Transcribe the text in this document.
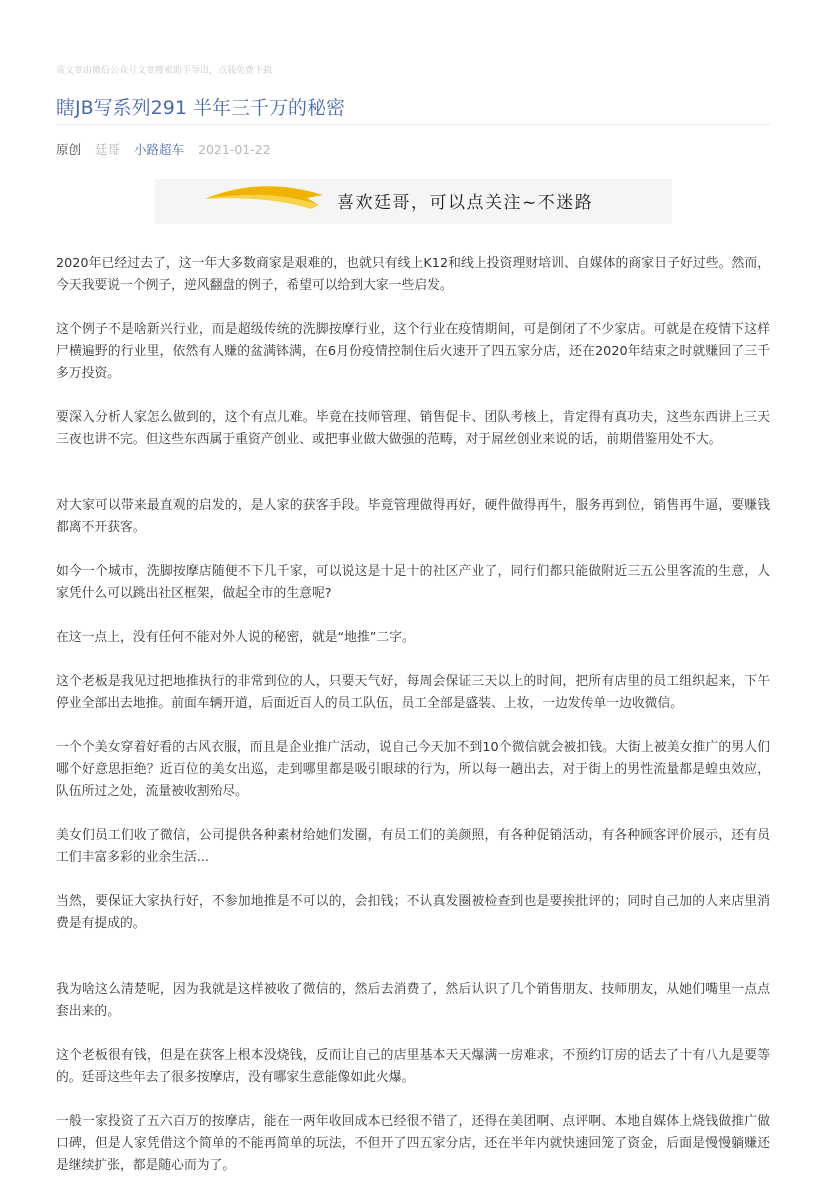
该文章由微信公众号文章搜索助手导出，点我免费下载
瞎JB写系列291 半年三千万的秘密
原创 廷哥 小路超车 2021-01-22
喜欢廷哥，可以点关注~不迷路

2020年已经过去了，这一年大多数商家是艰难的，也就只有线上K12和线上投资理财培训、自媒体的商家日子好过些。然而，今天我要说一个例子，逆风翻盘的例子，希望可以给到大家一些启发。

这个例子不是啥新兴行业，而是超级传统的洗脚按摩行业，这个行业在疫情期间，可是倒闭了不少家店。可就是在疫情下这样尸横遍野的行业里，依然有人赚的盆满钵满，在6月份疫情控制住后火速开了四五家分店，还在2020年结束之时就赚回了三千多万投资。

要深入分析人家怎么做到的，这个有点儿难。毕竟在技师管理、销售促卡、团队考核上，肯定得有真功夫，这些东西讲上三天三夜也讲不完。但这些东西属于重资产创业、或把事业做大做强的范畴，对于屌丝创业来说的话，前期借鉴用处不大。

对大家可以带来最直观的启发的，是人家的获客手段。毕竟管理做得再好，硬件做得再牛，服务再到位，销售再牛逼，要赚钱都离不开获客。

如今一个城市，洗脚按摩店随便不下几千家，可以说这是十足十的社区产业了，同行们都只能做附近三五公里客流的生意，人家凭什么可以跳出社区框架，做起全市的生意呢?

在这一点上，没有任何不能对外人说的秘密，就是“地推”二字。

这个老板是我见过把地推执行的非常到位的人，只要天气好，每周会保证三天以上的时间，把所有店里的员工组织起来，下午停业全部出去地推。前面车辆开道，后面近百人的员工队伍，员工全部是盛装、上妆，一边发传单一边收微信。

一个个美女穿着好看的古风衣服，而且是企业推广活动，说自己今天加不到10个微信就会被扣钱。大街上被美女推广的男人们哪个好意思拒绝？近百位的美女出巡，走到哪里都是吸引眼球的行为，所以每一趟出去，对于街上的男性流量都是蝗虫效应，队伍所过之处，流量被收割殆尽。

美女们员工们收了微信，公司提供各种素材给她们发圈，有员工们的美颜照，有各种促销活动，有各种顾客评价展示，还有员工们丰富多彩的业余生活...

当然，要保证大家执行好，不参加地推是不可以的，会扣钱；不认真发圈被检查到也是要挨批评的；同时自己加的人来店里消费是有提成的。

我为啥这么清楚呢，因为我就是这样被收了微信的，然后去消费了，然后认识了几个销售朋友、技师朋友，从她们嘴里一点点套出来的。

这个老板很有钱，但是在获客上根本没烧钱，反而让自己的店里基本天天爆满一房难求，不预约订房的话去了十有八九是要等的。廷哥这些年去了很多按摩店，没有哪家生意能像如此火爆。

一般一家投资了五六百万的按摩店，能在一两年收回成本已经很不错了，还得在美团啊、点评啊、本地自媒体上烧钱做推广做口碑，但是人家凭借这个简单的不能再简单的玩法，不但开了四五家分店，还在半年内就快速回笼了资金，后面是慢慢躺赚还是继续扩张，都是随心而为了。
